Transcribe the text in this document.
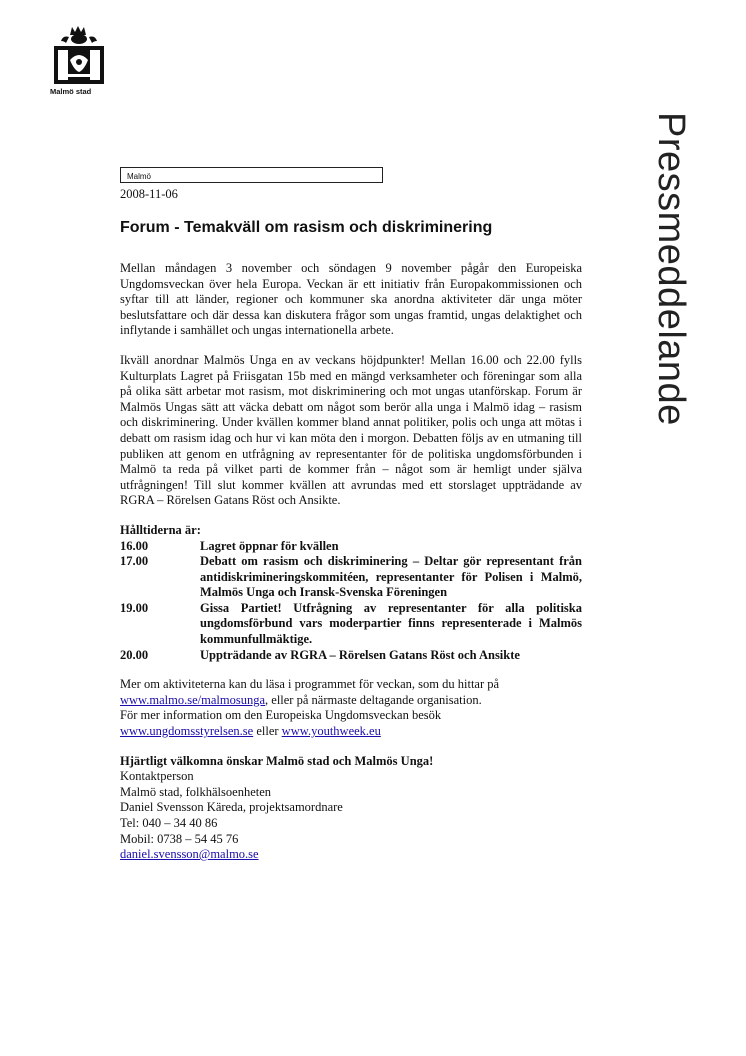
Malmö stad
Pressmeddelande
Malmö
2008-11-06
Forum - Temakväll om rasism och diskriminering

Mellan måndagen 3 november och söndagen 9 november pågår den Europeiska Ungdomsveckan över hela Europa. Veckan är ett initiativ från Europakommissionen och syftar till att länder, regioner och kommuner ska anordna aktiviteter där unga möter beslutsfattare och där dessa kan diskutera frågor som ungas framtid, ungas delaktighet och inflytande i samhället och ungas internationella arbete.

Ikväll anordnar Malmös Unga en av veckans höjdpunkter! Mellan 16.00 och 22.00 fylls Kulturplats Lagret på Friisgatan 15b med en mängd verksamheter och föreningar som alla på olika sätt arbetar mot rasism, mot diskriminering och mot ungas utanförskap. Forum är Malmös Ungas sätt att väcka debatt om något som berör alla unga i Malmö idag – rasism och diskriminering. Under kvällen kommer bland annat politiker, polis och unga att mötas i debatt om rasism idag och hur vi kan möta den i morgon. Debatten följs av en utmaning till publiken att genom en utfrågning av representanter för de politiska ungdomsförbunden i Malmö ta reda på vilket parti de kommer från – något som är hemligt under själva utfrågningen! Till slut kommer kvällen att avrundas med ett storslaget uppträdande av RGRA – Rörelsen Gatans Röst och Ansikte.

Hålltiderna är:
16.00	Lagret öppnar för kvällen
17.00	Debatt om rasism och diskriminering – Deltar gör representant från antidiskrimineringskommitéen, representanter för Polisen i Malmö, Malmös Unga och Iransk-Svenska Föreningen
19.00	Gissa Partiet! Utfrågning av representanter för alla politiska ungdomsförbund vars moderpartier finns representerade i Malmös kommunfullmäktige.
20.00	Uppträdande av RGRA – Rörelsen Gatans Röst och Ansikte
Mer om aktiviteterna kan du läsa i programmet för veckan, som du hittar på
www.malmo.se/malmosunga, eller på närmaste deltagande organisation.
För mer information om den Europeiska Ungdomsveckan besök
www.ungdomsstyrelsen.se eller www.youthweek.eu
Hjärtligt välkomna önskar Malmö stad och Malmös Unga!
Kontaktperson
Malmö stad, folkhälsoenheten
Daniel Svensson Käreda, projektsamordnare
Tel: 040 – 34 40 86
Mobil: 0738 – 54 45 76
daniel.svensson@malmo.se
